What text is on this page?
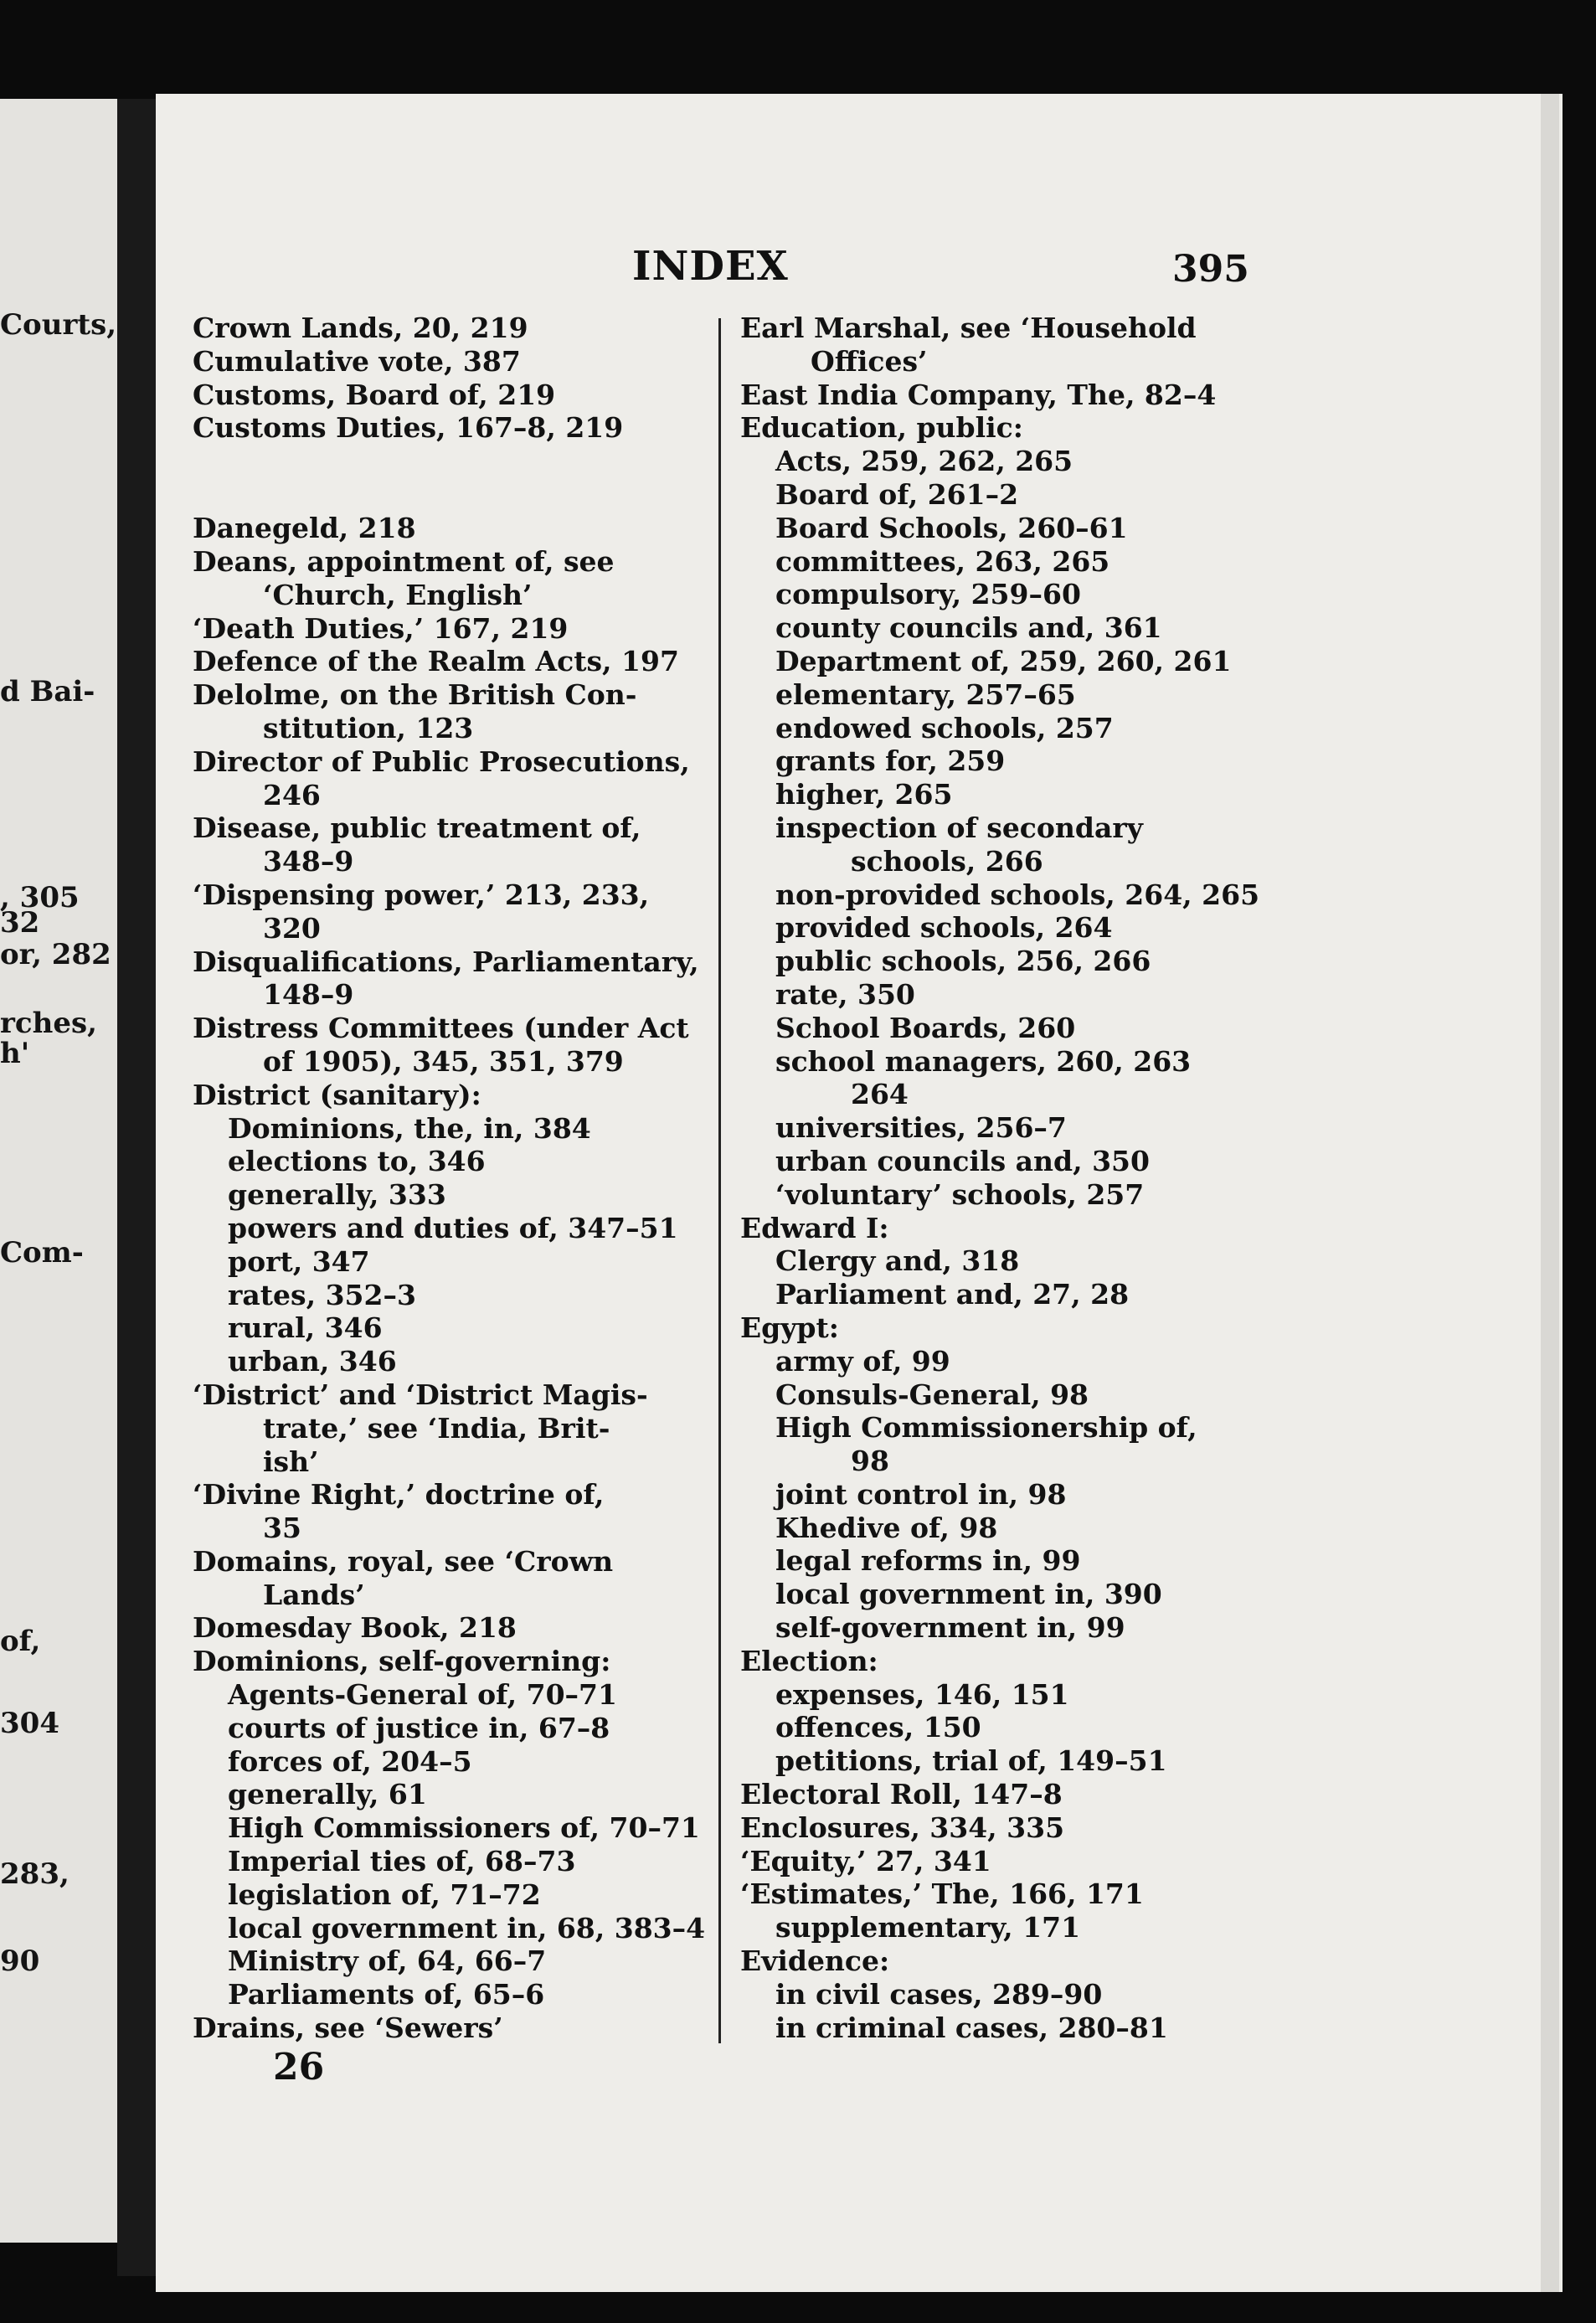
Courts,
d Bai-
, 305
32
or, 282
rches,
h'
Com-
of,
304
283,
90
INDEX	395
Crown Lands, 20, 219
Cumulative vote, 387
Customs, Board of, 219
Customs Duties, 167–8, 219
Danegeld, 218
Deans, appointment of, see
‘Church, English’
‘Death Duties,’ 167, 219
Defence of the Realm Acts, 197
Delolme, on the British Con-
stitution, 123
Director of Public Prosecutions,
246
Disease, public treatment of,
348–9
‘Dispensing power,’ 213, 233,
320
Disqualifications, Parliamentary,
148–9
Distress Committees (under Act
of 1905), 345, 351, 379
District (sanitary):
Dominions, the, in, 384
elections to, 346
generally, 333
powers and duties of, 347–51
port, 347
rates, 352–3
rural, 346
urban, 346
‘District’ and ‘District Magis-
trate,’ see ‘India, Brit-
ish’
‘Divine Right,’ doctrine of,
35
Domains, royal, see ‘Crown
Lands’
Domesday Book, 218
Dominions, self-governing:
Agents-General of, 70–71
courts of justice in, 67–8
forces of, 204–5
generally, 61
High Commissioners of, 70–71
Imperial ties of, 68–73
legislation of, 71–72
local government in, 68, 383–4
Ministry of, 64, 66–7
Parliaments of, 65–6
Drains, see ‘Sewers’
Earl Marshal, see ‘Household
Offices’
East India Company, The, 82–4
Education, public:
Acts, 259, 262, 265
Board of, 261–2
Board Schools, 260–61
committees, 263, 265
compulsory, 259–60
county councils and, 361
Department of, 259, 260, 261
elementary, 257–65
endowed schools, 257
grants for, 259
higher, 265
inspection of secondary
schools, 266
non-provided schools, 264, 265
provided schools, 264
public schools, 256, 266
rate, 350
School Boards, 260
school managers, 260, 263
264
universities, 256–7
urban councils and, 350
‘voluntary’ schools, 257
Edward I:
Clergy and, 318
Parliament and, 27, 28
Egypt:
army of, 99
Consuls-General, 98
High Commissionership of,
98
joint control in, 98
Khedive of, 98
legal reforms in, 99
local government in, 390
self-government in, 99
Election:
expenses, 146, 151
offences, 150
petitions, trial of, 149–51
Electoral Roll, 147–8
Enclosures, 334, 335
‘Equity,’ 27, 341
‘Estimates,’ The, 166, 171
supplementary, 171
Evidence:
in civil cases, 289–90
in criminal cases, 280–81
26
